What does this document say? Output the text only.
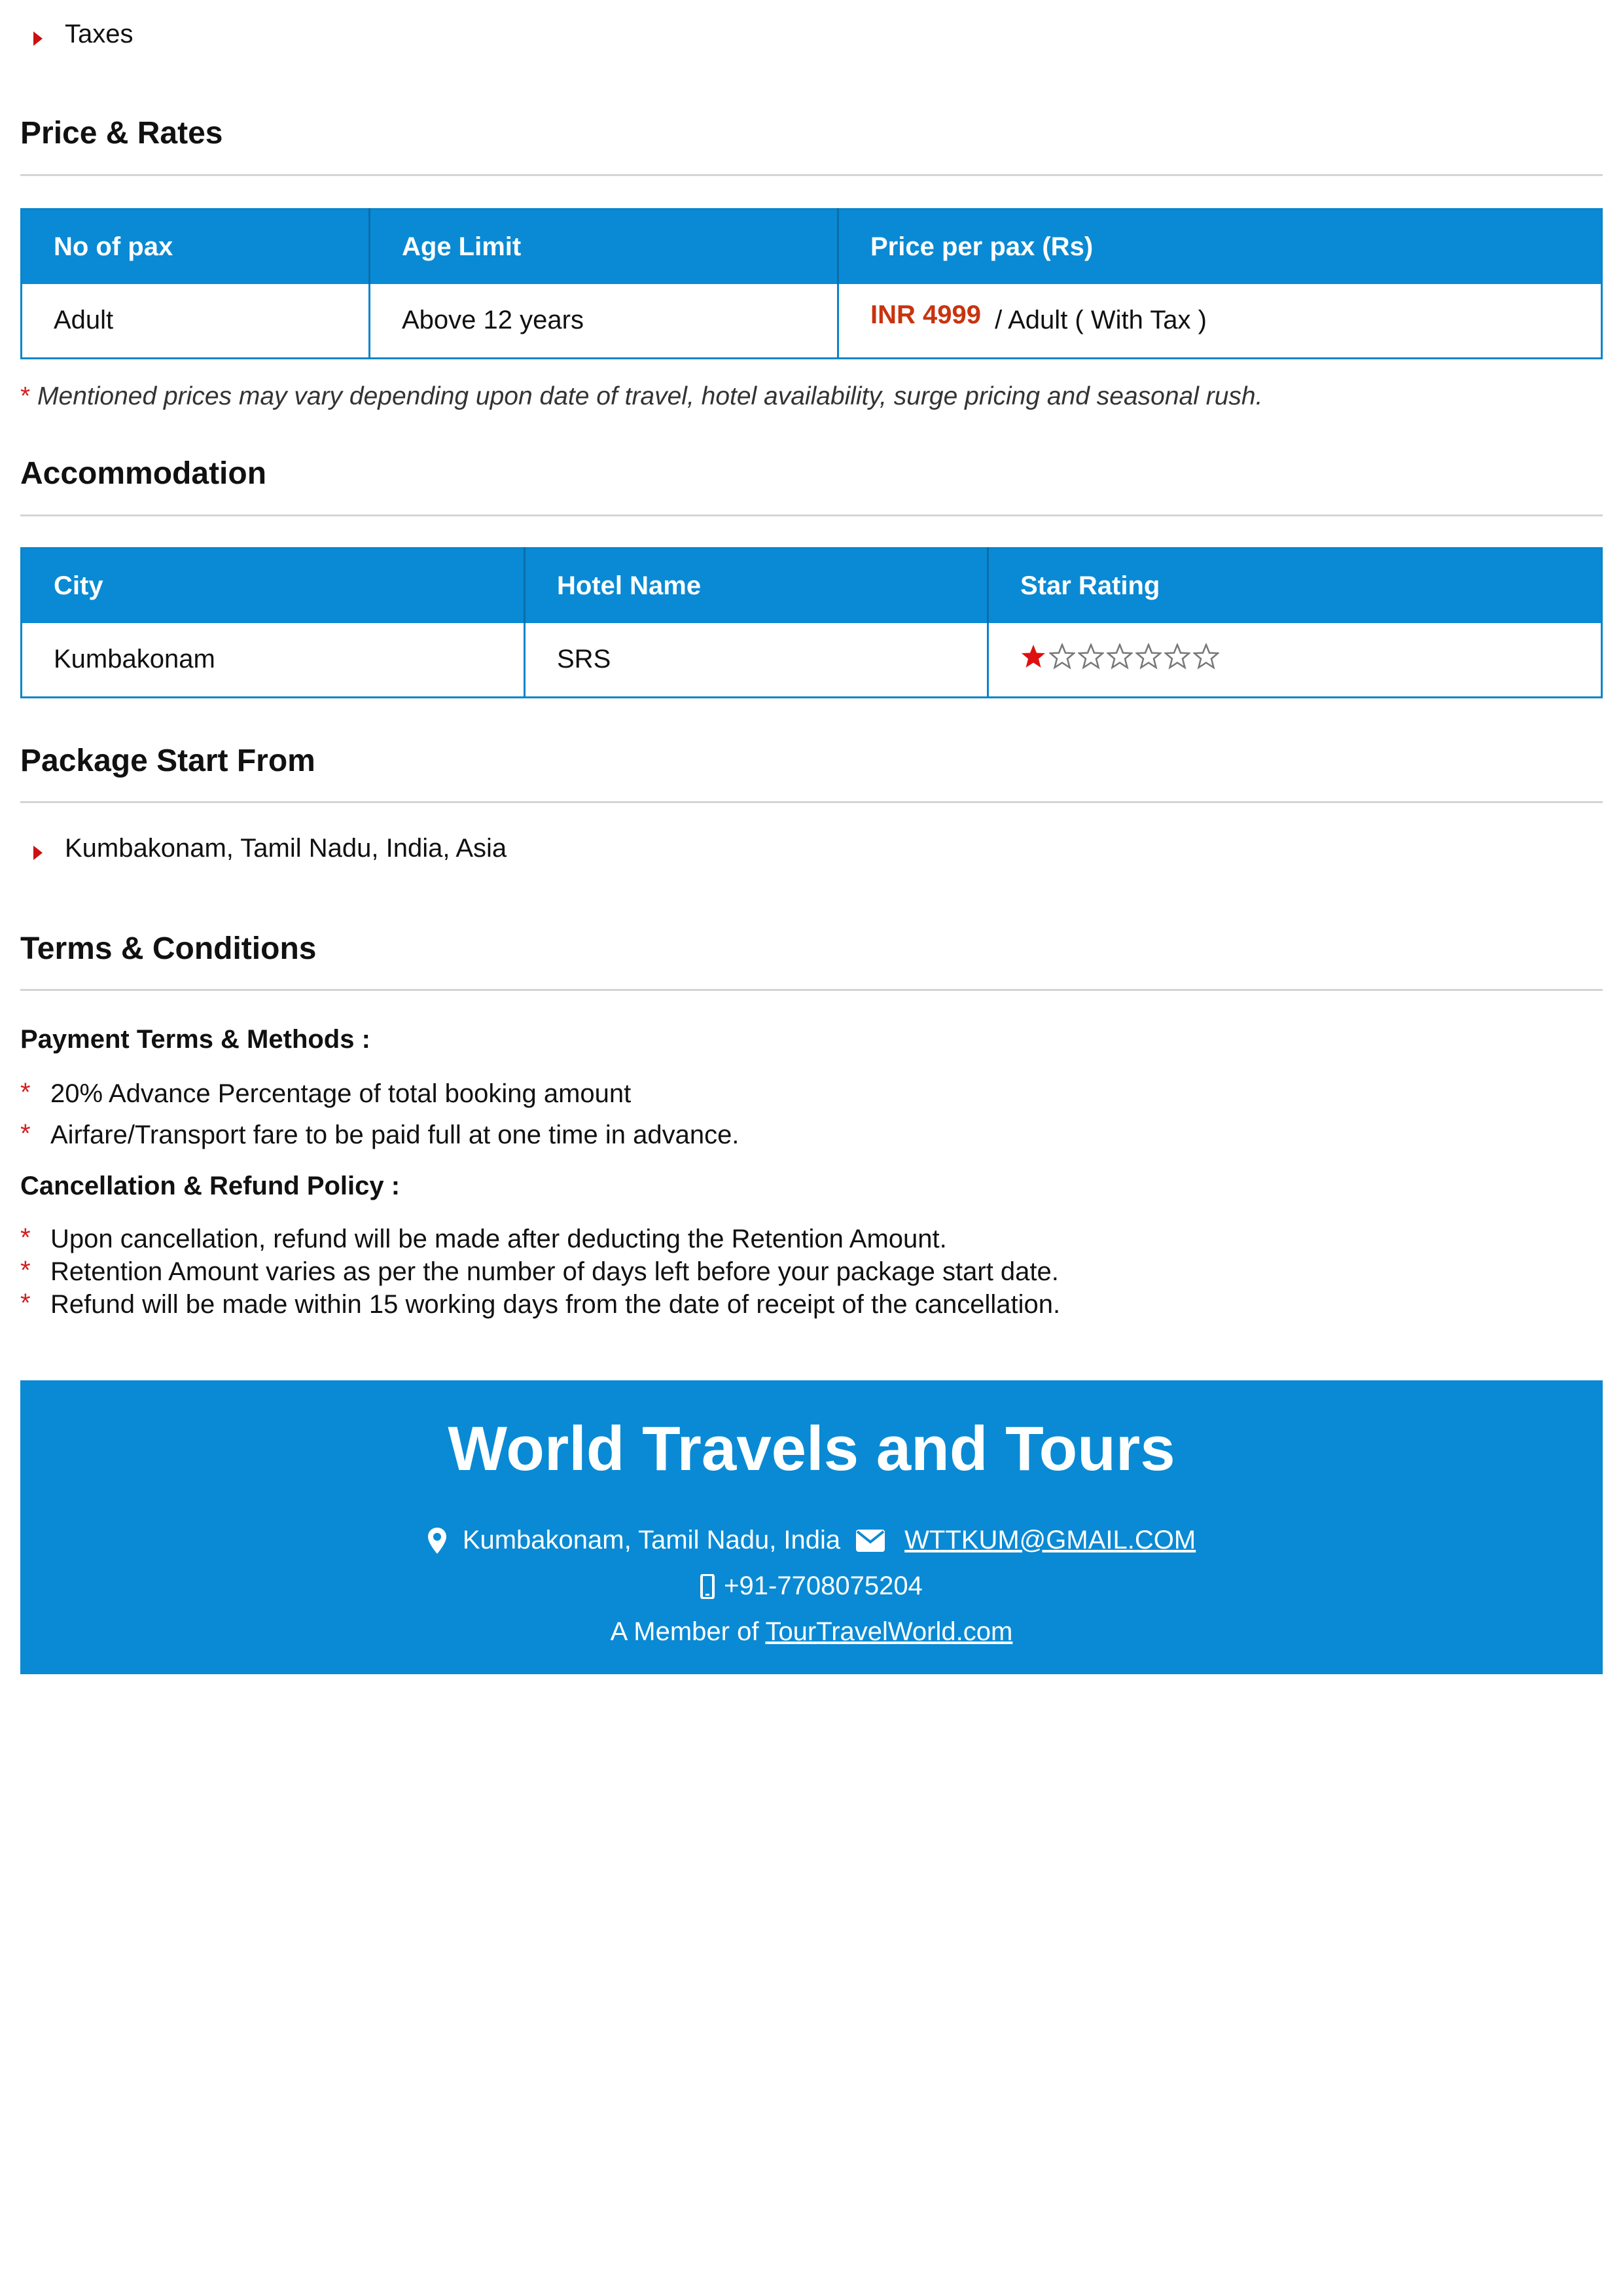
Taxes
Price & Rates
No of pax	Age Limit	Price per pax (Rs)
Adult	Above 12 years	INR 4999 / Adult ( With Tax )
* Mentioned prices may vary depending upon date of travel, hotel availability, surge pricing and seasonal rush.
Accommodation
City	Hotel Name	Star Rating
Kumbakonam	SRS	
Package Start From
Kumbakonam, Tamil Nadu, India, Asia
Terms & Conditions
Payment Terms & Methods :
* 20% Advance Percentage of total booking amount
* Airfare/Transport fare to be paid full at one time in advance.
Cancellation & Refund Policy :
* Upon cancellation, refund will be made after deducting the Retention Amount.
* Retention Amount varies as per the number of days left before your package start date.
* Refund will be made within 15 working days from the date of receipt of the cancellation.
World Travels and Tours
Kumbakonam, Tamil Nadu, India WTTKUM@GMAIL.COM
+91-7708075204
A Member of TourTravelWorld.com
